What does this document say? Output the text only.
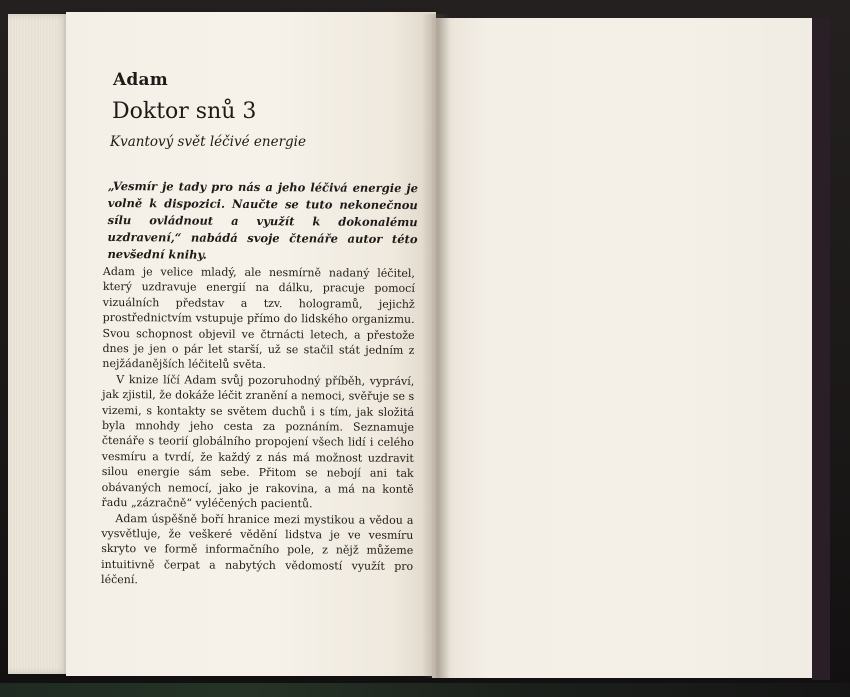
Adam
Doktor snů 3
Kvantový svět léčivé energie
„Vesmír je tady pro nás a jeho léčivá energie je volně k dispozici. Naučte se tuto nekonečnou sílu ovládnout a využít k dokonalému uzdravení,“ nabádá svoje čtenáře autor této nevšední knihy.

Adam je velice mladý, ale nesmírně nadaný léčitel, který uzdravuje energií na dálku, pracuje pomocí vizuálních představ a tzv. hologramů, jejichž prostřednictvím vstupuje přímo do lidského organizmu. Svou schopnost objevil ve čtrnácti letech, a přestože dnes je jen o pár let starší, už se stačil stát jedním z nejžádanějších léčitelů světa.

V knize líčí Adam svůj pozoruhodný příběh, vypráví, jak zjistil, že dokáže léčit zranění a nemoci, svěřuje se s vizemi, s kontakty se světem duchů i s tím, jak složitá byla mnohdy jeho cesta za poznáním. Seznamuje čtenáře s teorií globálního propojení všech lidí i celého vesmíru a tvrdí, že každý z nás má možnost uzdravit silou energie sám sebe. Přitom se nebojí ani tak obávaných nemocí, jako je rakovina, a má na kontě řadu „zázračně“ vyléčených pacientů.

Adam úspěšně boří hranice mezi mystikou a vědou a vysvětluje, že veškeré vědění lidstva je ve vesmíru skryto ve formě informačního pole, z nějž můžeme intuitivně čerpat a nabytých vědomostí využít pro léčení.
